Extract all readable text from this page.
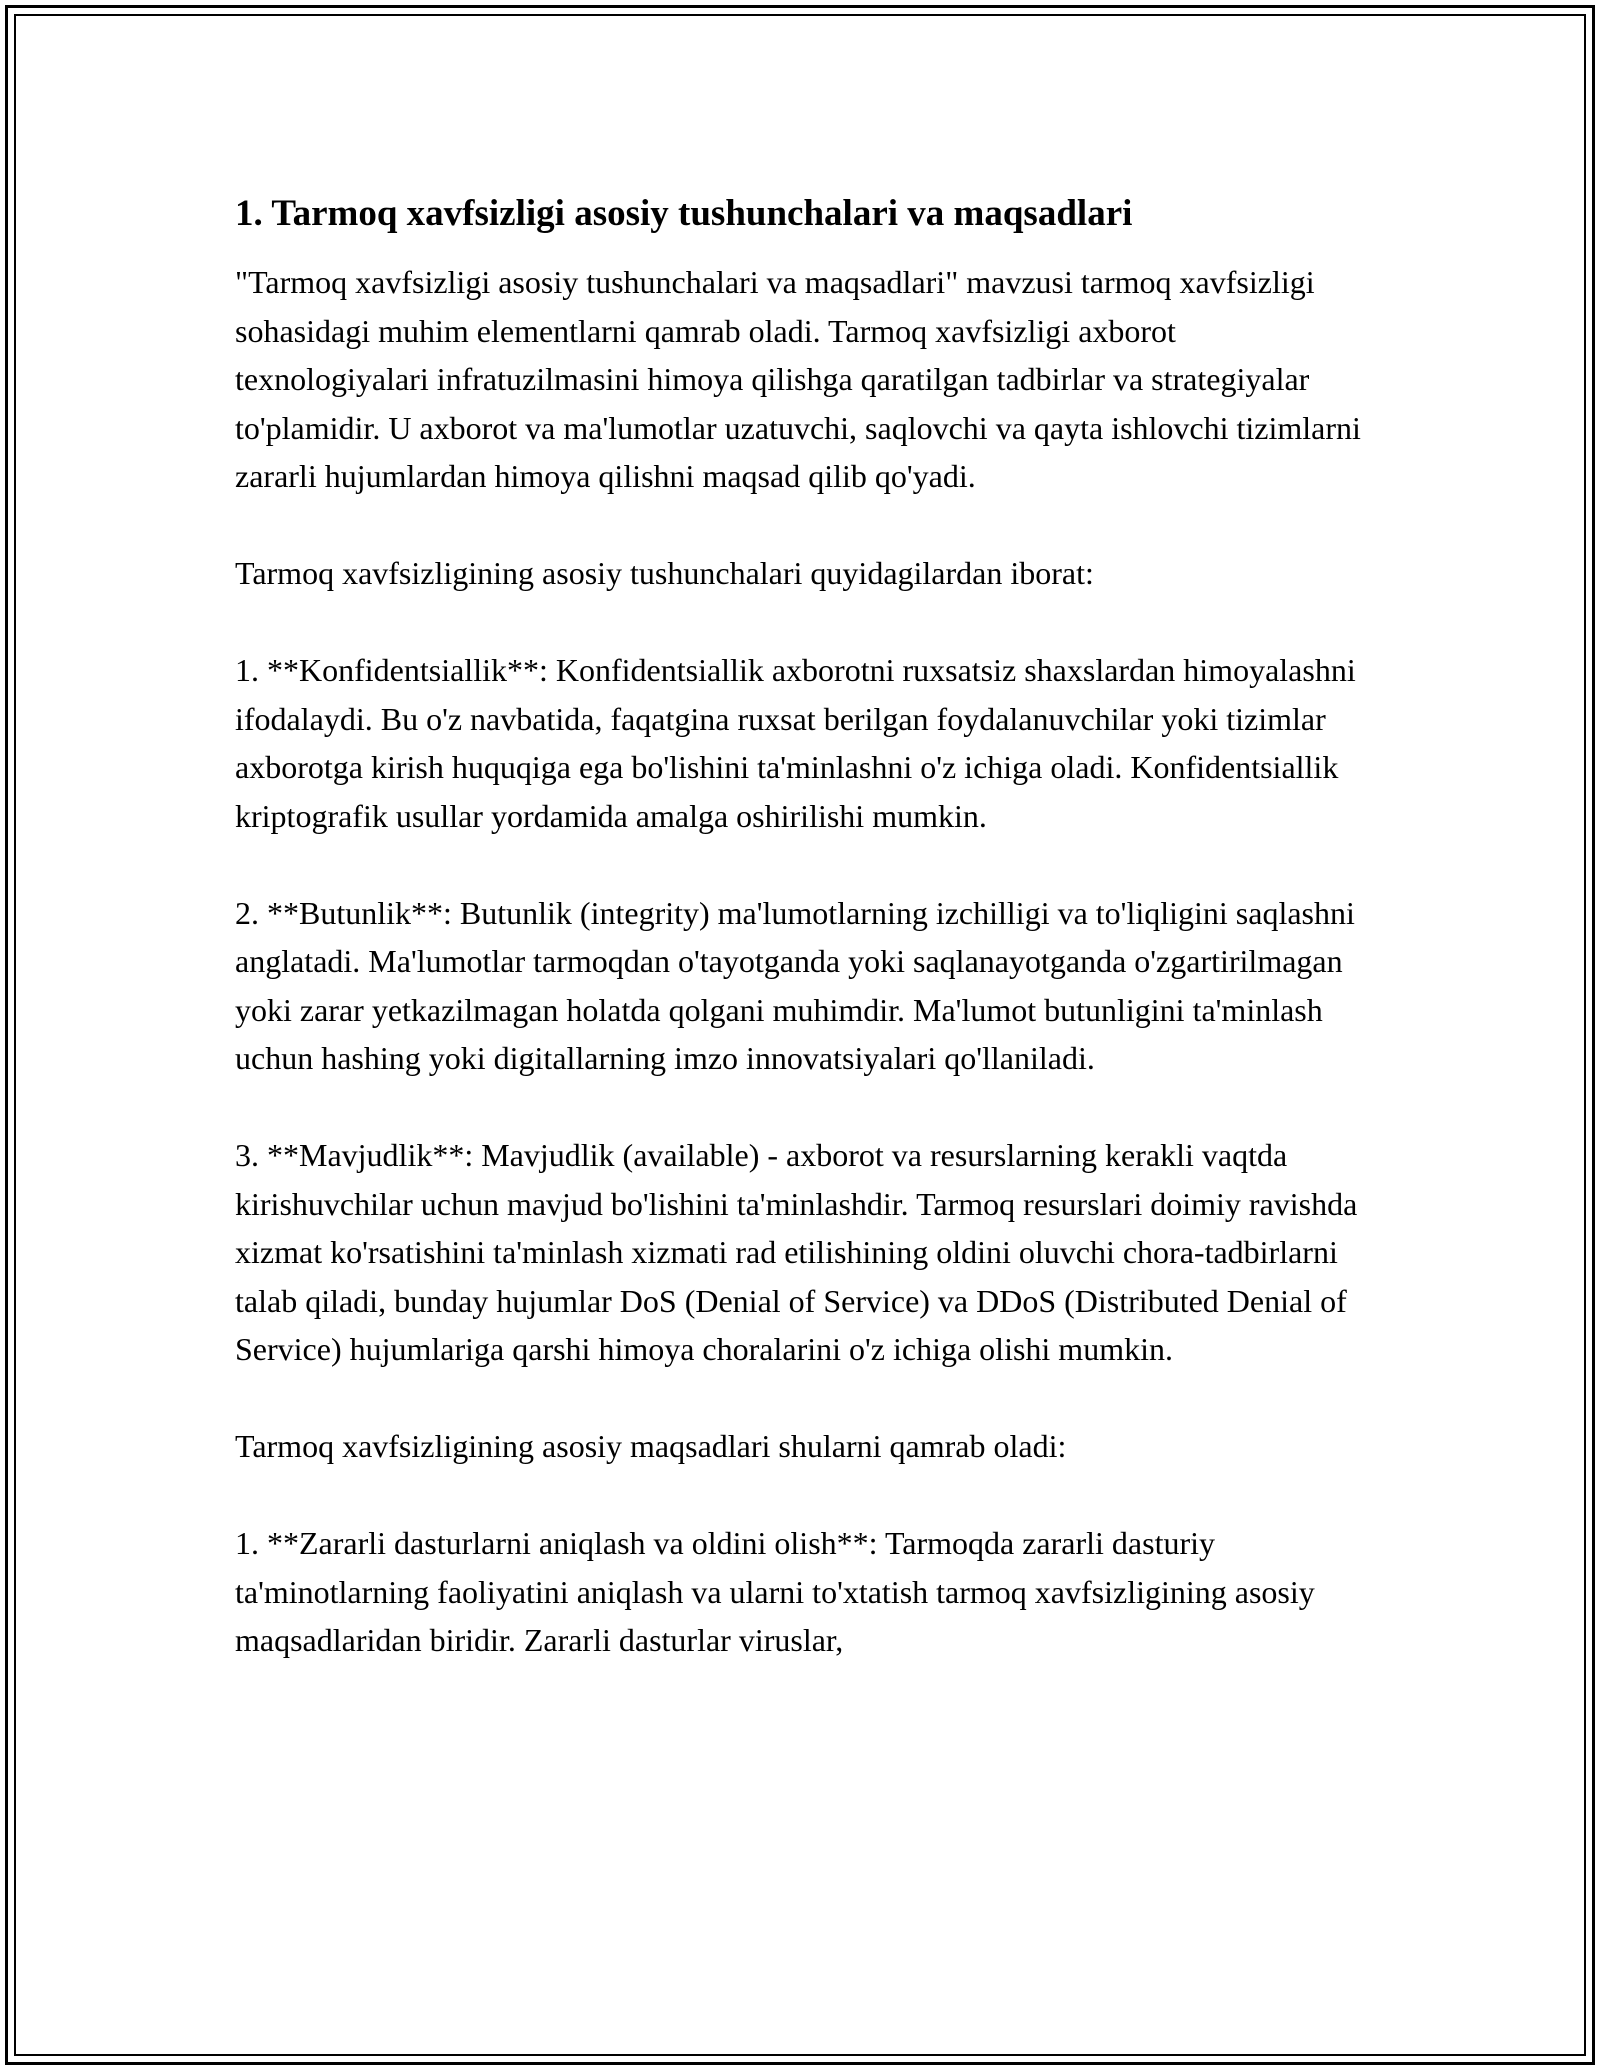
1. Tarmoq xavfsizligi asosiy tushunchalari va maqsadlari

"Tarmoq xavfsizligi asosiy tushunchalari va maqsadlari" mavzusi tarmoq xavfsizligi sohasidagi muhim elementlarni qamrab oladi. Tarmoq xavfsizligi axborot texnologiyalari infratuzilmasini himoya qilishga qaratilgan tadbirlar va strategiyalar to'plamidir. U axborot va ma'lumotlar uzatuvchi, saqlovchi va qayta ishlovchi tizimlarni zararli hujumlardan himoya qilishni maqsad qilib qo'yadi.

Tarmoq xavfsizligining asosiy tushunchalari quyidagilardan iborat:

1. **Konfidentsiallik**: Konfidentsiallik axborotni ruxsatsiz shaxslardan himoyalashni ifodalaydi. Bu o'z navbatida, faqatgina ruxsat berilgan foydalanuvchilar yoki tizimlar axborotga kirish huquqiga ega bo'lishini ta'minlashni o'z ichiga oladi. Konfidentsiallik kriptografik usullar yordamida amalga oshirilishi mumkin.

2. **Butunlik**: Butunlik (integrity) ma'lumotlarning izchilligi va to'liqligini saqlashni anglatadi. Ma'lumotlar tarmoqdan o'tayotganda yoki saqlanayotganda o'zgartirilmagan yoki zarar yetkazilmagan holatda qolgani muhimdir. Ma'lumot butunligini ta'minlash uchun hashing yoki digitallarning imzo innovatsiyalari qo'llaniladi.

3. **Mavjudlik**: Mavjudlik (available) - axborot va resurslarning kerakli vaqtda kirishuvchilar uchun mavjud bo'lishini ta'minlashdir. Tarmoq resurslari doimiy ravishda xizmat ko'rsatishini ta'minlash xizmati rad etilishining oldini oluvchi chora-tadbirlarni talab qiladi, bunday hujumlar DoS (Denial of Service) va DDoS (Distributed Denial of Service) hujumlariga qarshi himoya choralarini o'z ichiga olishi mumkin.

Tarmoq xavfsizligining asosiy maqsadlari shularni qamrab oladi:

1. **Zararli dasturlarni aniqlash va oldini olish**: Tarmoqda zararli dasturiy ta'minotlarning faoliyatini aniqlash va ularni to'xtatish tarmoq xavfsizligining asosiy maqsadlaridan biridir. Zararli dasturlar viruslar,
